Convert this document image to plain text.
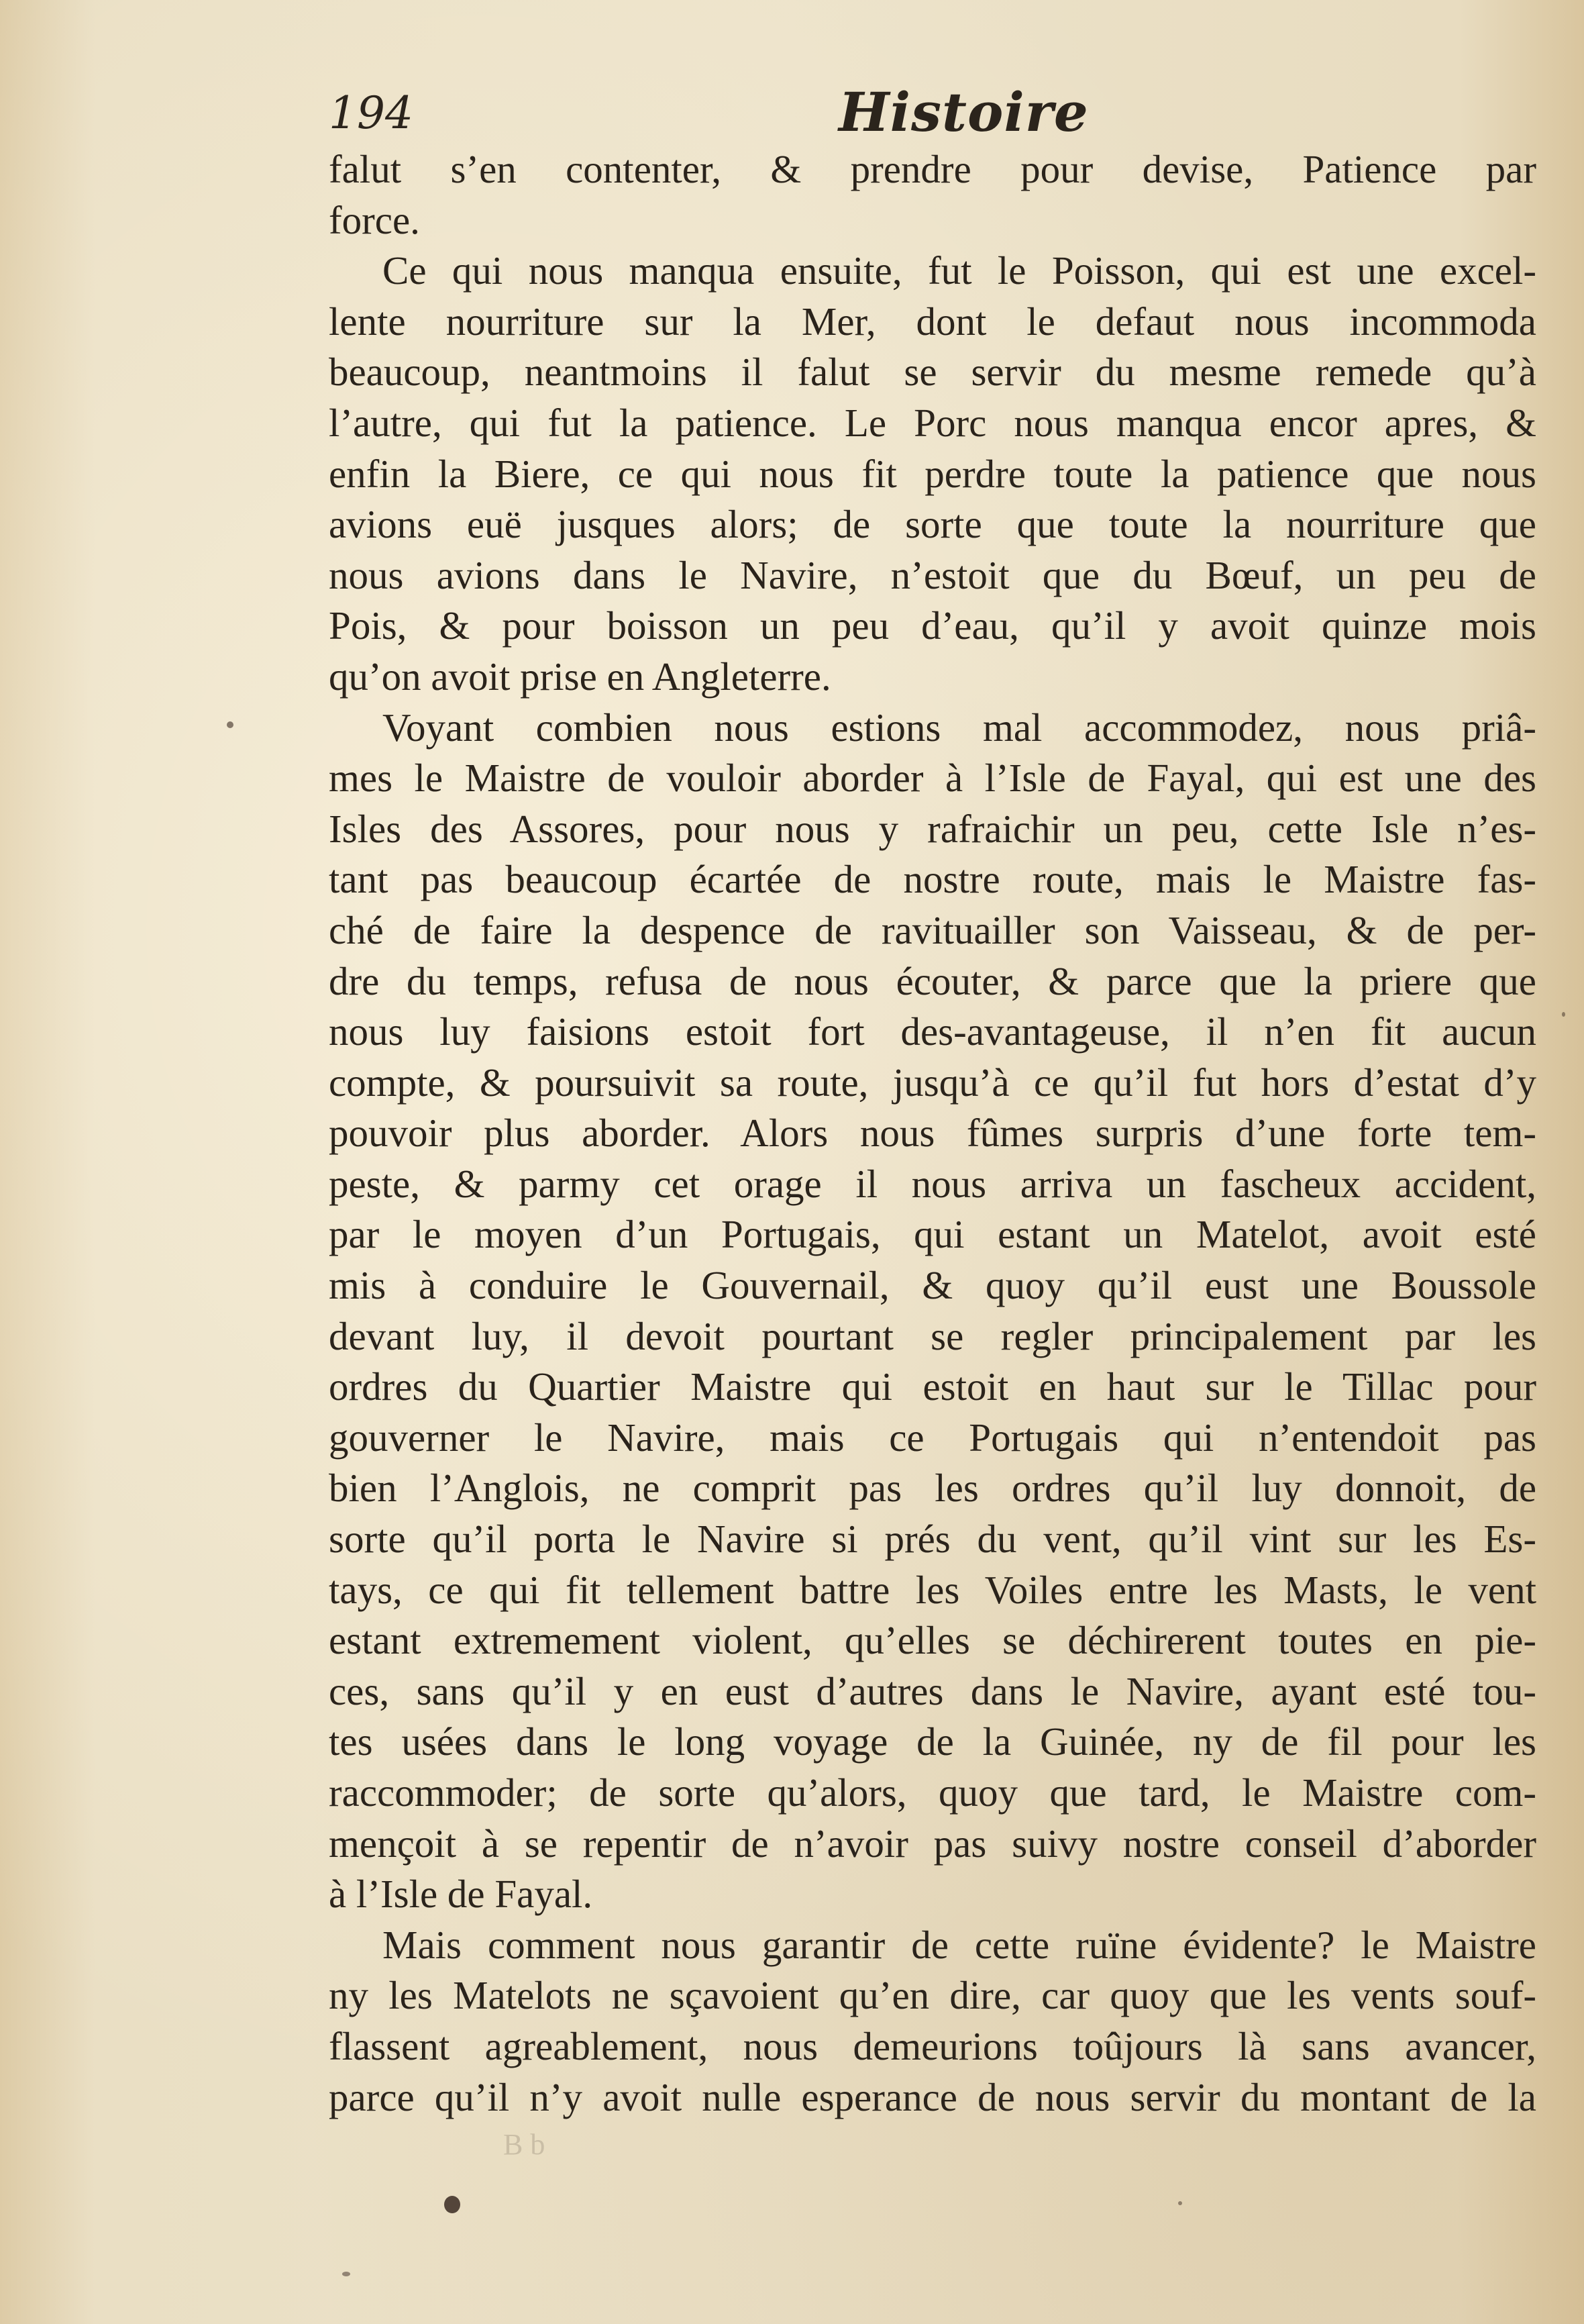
194	Histoire
falut s’en contenter, & prendre pour devise, Patience par
force.
Ce qui nous manqua ensuite, fut le Poisson, qui est une excel-
lente nourriture sur la Mer, dont le defaut nous incommoda
beaucoup, neantmoins il falut se servir du mesme remede qu’à
l’autre, qui fut la patience. Le Porc nous manqua encor apres, &
enfin la Biere, ce qui nous fit perdre toute la patience que nous
avions euë jusques alors; de sorte que toute la nourriture que
nous avions dans le Navire, n’estoit que du Bœuf, un peu de
Pois, & pour boisson un peu d’eau, qu’il y avoit quinze mois
qu’on avoit prise en Angleterre.
Voyant combien nous estions mal accommodez, nous priâ-
mes le Maistre de vouloir aborder à l’Isle de Fayal, qui est une des
Isles des Assores, pour nous y rafraichir un peu, cette Isle n’es-
tant pas beaucoup écartée de nostre route, mais le Maistre fas-
ché de faire la despence de ravituailler son Vaisseau, & de per-
dre du temps, refusa de nous écouter, & parce que la priere que
nous luy faisions estoit fort des-avantageuse, il n’en fit aucun
compte, & poursuivit sa route, jusqu’à ce qu’il fut hors d’estat d’y
pouvoir plus aborder. Alors nous fûmes surpris d’une forte tem-
peste, & parmy cet orage il nous arriva un fascheux accident,
par le moyen d’un Portugais, qui estant un Matelot, avoit esté
mis à conduire le Gouvernail, & quoy qu’il eust une Boussole
devant luy, il devoit pourtant se regler principalement par les
ordres du Quartier Maistre qui estoit en haut sur le Tillac pour
gouverner le Navire, mais ce Portugais qui n’entendoit pas
bien l’Anglois, ne comprit pas les ordres qu’il luy donnoit, de
sorte qu’il porta le Navire si prés du vent, qu’il vint sur les Es-
tays, ce qui fit tellement battre les Voiles entre les Masts, le vent
estant extremement violent, qu’elles se déchirerent toutes en pie-
ces, sans qu’il y en eust d’autres dans le Navire, ayant esté tou-
tes usées dans le long voyage de la Guinée, ny de fil pour les
raccommoder; de sorte qu’alors, quoy que tard, le Maistre com-
mençoit à se repentir de n’avoir pas suivy nostre conseil d’aborder
à l’Isle de Fayal.
Mais comment nous garantir de cette ruïne évidente? le Maistre
ny les Matelots ne sçavoient qu’en dire, car quoy que les vents souf-
flassent agreablement, nous demeurions toûjours là sans avancer,
parce qu’il n’y avoit nulle esperance de nous servir du montant de la
B b
